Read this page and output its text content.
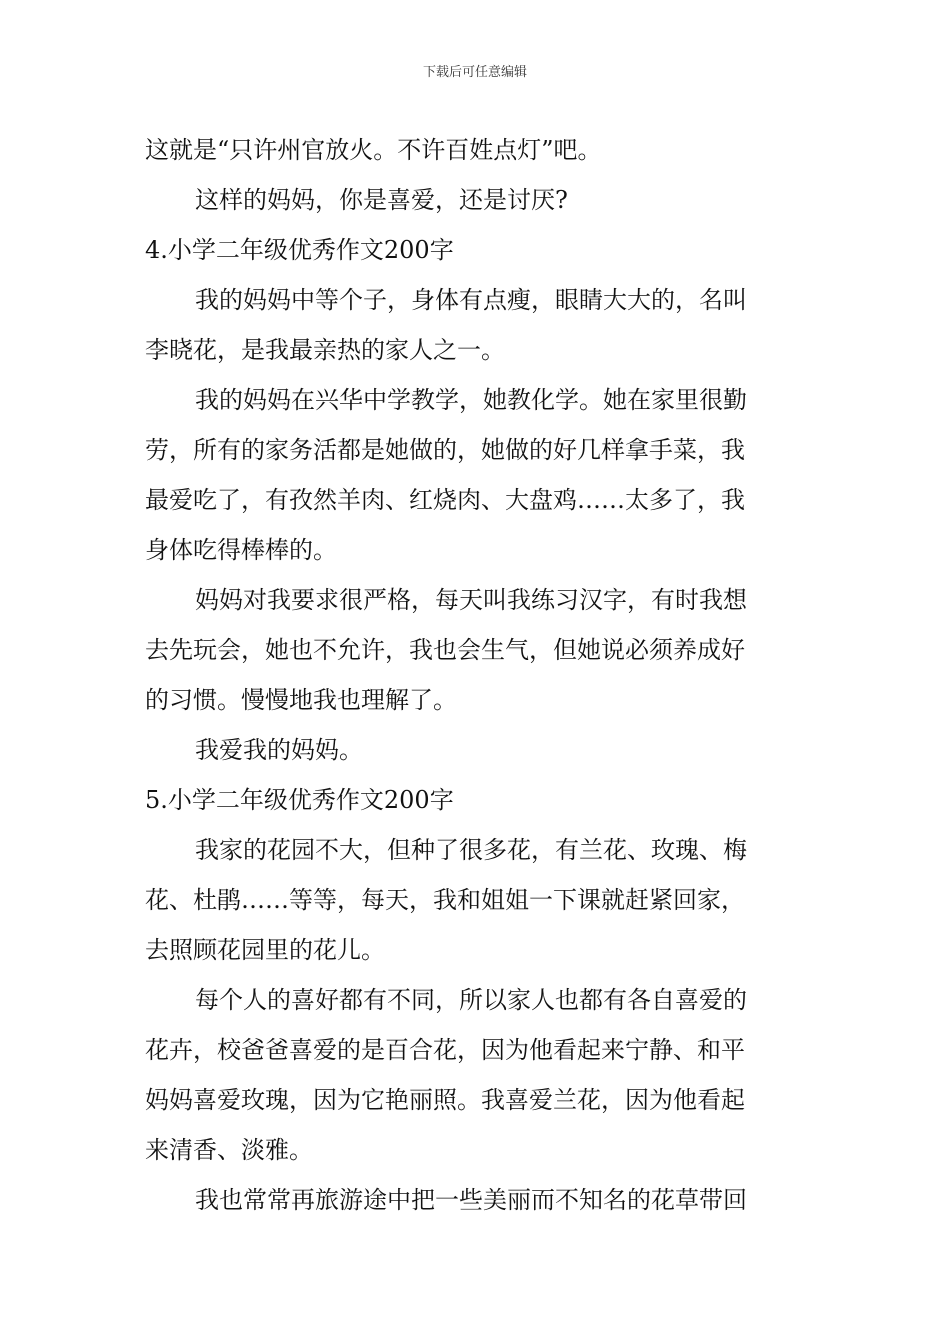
下载后可任意编辑
这就是“只许州官放火。不许百姓点灯”吧。
这样的妈妈，你是喜爱，还是讨厌?
4.小学二年级优秀作文200字
我的妈妈中等个子，身体有点瘦，眼睛大大的，名叫
李晓花，是我最亲热的家人之一。
我的妈妈在兴华中学教学，她教化学。她在家里很勤
劳，所有的家务活都是她做的，她做的好几样拿手菜，我
最爱吃了，有孜然羊肉、红烧肉、大盘鸡……太多了，我
身体吃得棒棒的。
妈妈对我要求很严格，每天叫我练习汉字，有时我想
去先玩会，她也不允许，我也会生气，但她说必须养成好
的习惯。慢慢地我也理解了。
我爱我的妈妈。
5.小学二年级优秀作文200字
我家的花园不大，但种了很多花，有兰花、玫瑰、梅
花、杜鹃……等等，每天，我和姐姐一下课就赶紧回家，
去照顾花园里的花儿。
每个人的喜好都有不同，所以家人也都有各自喜爱的
花卉，校爸爸喜爱的是百合花，因为他看起来宁静、和平
妈妈喜爱玫瑰，因为它艳丽照。我喜爱兰花，因为他看起
来清香、淡雅。
我也常常再旅游途中把一些美丽而不知名的花草带回
